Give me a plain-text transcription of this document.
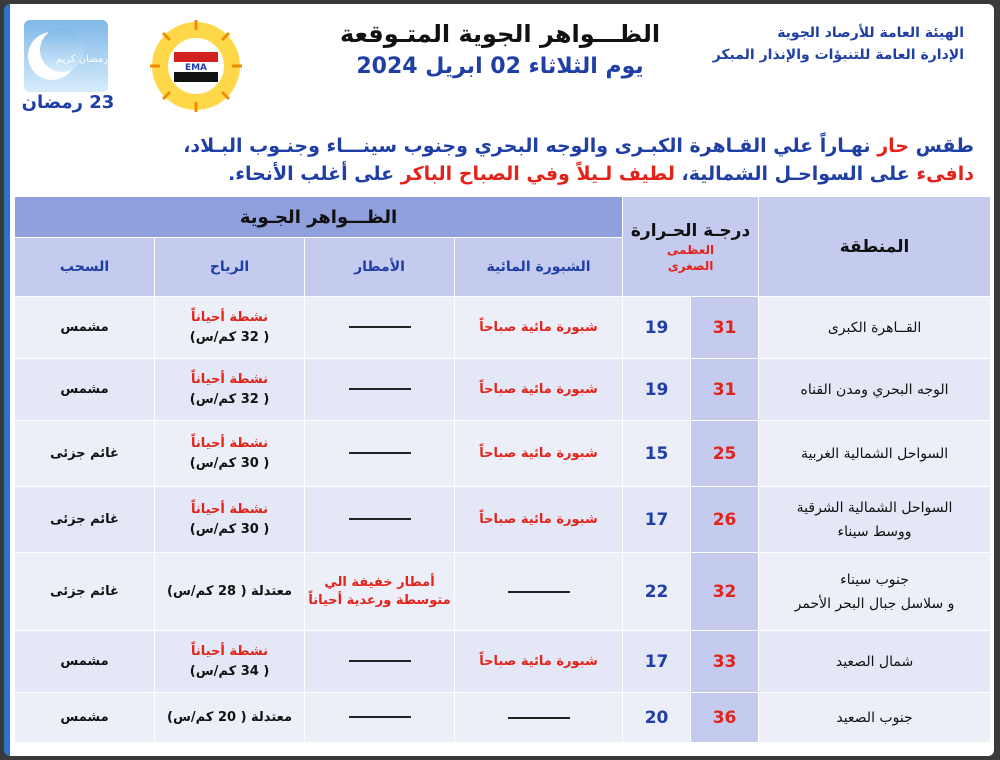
رمضان كريم
23 رمضان
EMA
الظـــواهر الجوية المتـوقعة
يوم الثلاثاء 02 ابريل 2024
الهيئة العامة للأرصاد الجوية
الإدارة العامة للتنبؤات والإنذار المبكر
طقس حار نهـاراً علي القـاهرة الكبـرى والوجه البحري وجنوب سينـــاء وجنـوب البـلاد،
دافىء على السواحـل الشمالية، لطيف لـيلاً وفي الصباح الباكر على أغلب الأنحاء.
المنطقة	درجـة الحـرارة
العظمى
الصغرى		الظـــواهر الجـوية			
			الشبورة المائية	الأمطار	الرياح	السحب
القــاهرة الكبرى	31	19	شبورة مائية صباحاً		نشطة أحياناً
( 32 كم/س)	مشمس
الوجه البحري ومدن القناه	31	19	شبورة مائية صباحاً		نشطة أحياناً
( 32 كم/س)	مشمس
السواحل الشمالية الغربية	25	15	شبورة مائية صباحاً		نشطة أحياناً
( 30 كم/س)	غائم جزئى
السواحل الشمالية الشرقية
ووسط سيناء	26	17	شبورة مائية صباحاً		نشطة أحياناً
( 30 كم/س)	غائم جزئى
جنوب سيناء
و سلاسل جبال البحر الأحمر	32	22		أمطار خفيفة الي متوسطة ورعدية أحياناً	معتدلة ( 28 كم/س)	غائم جزئى
شمال الصعيد	33	17	شبورة مائية صباحاً		نشطة أحياناً
( 34 كم/س)	مشمس
جنوب الصعيد	36	20			معتدلة ( 20 كم/س)	مشمس
